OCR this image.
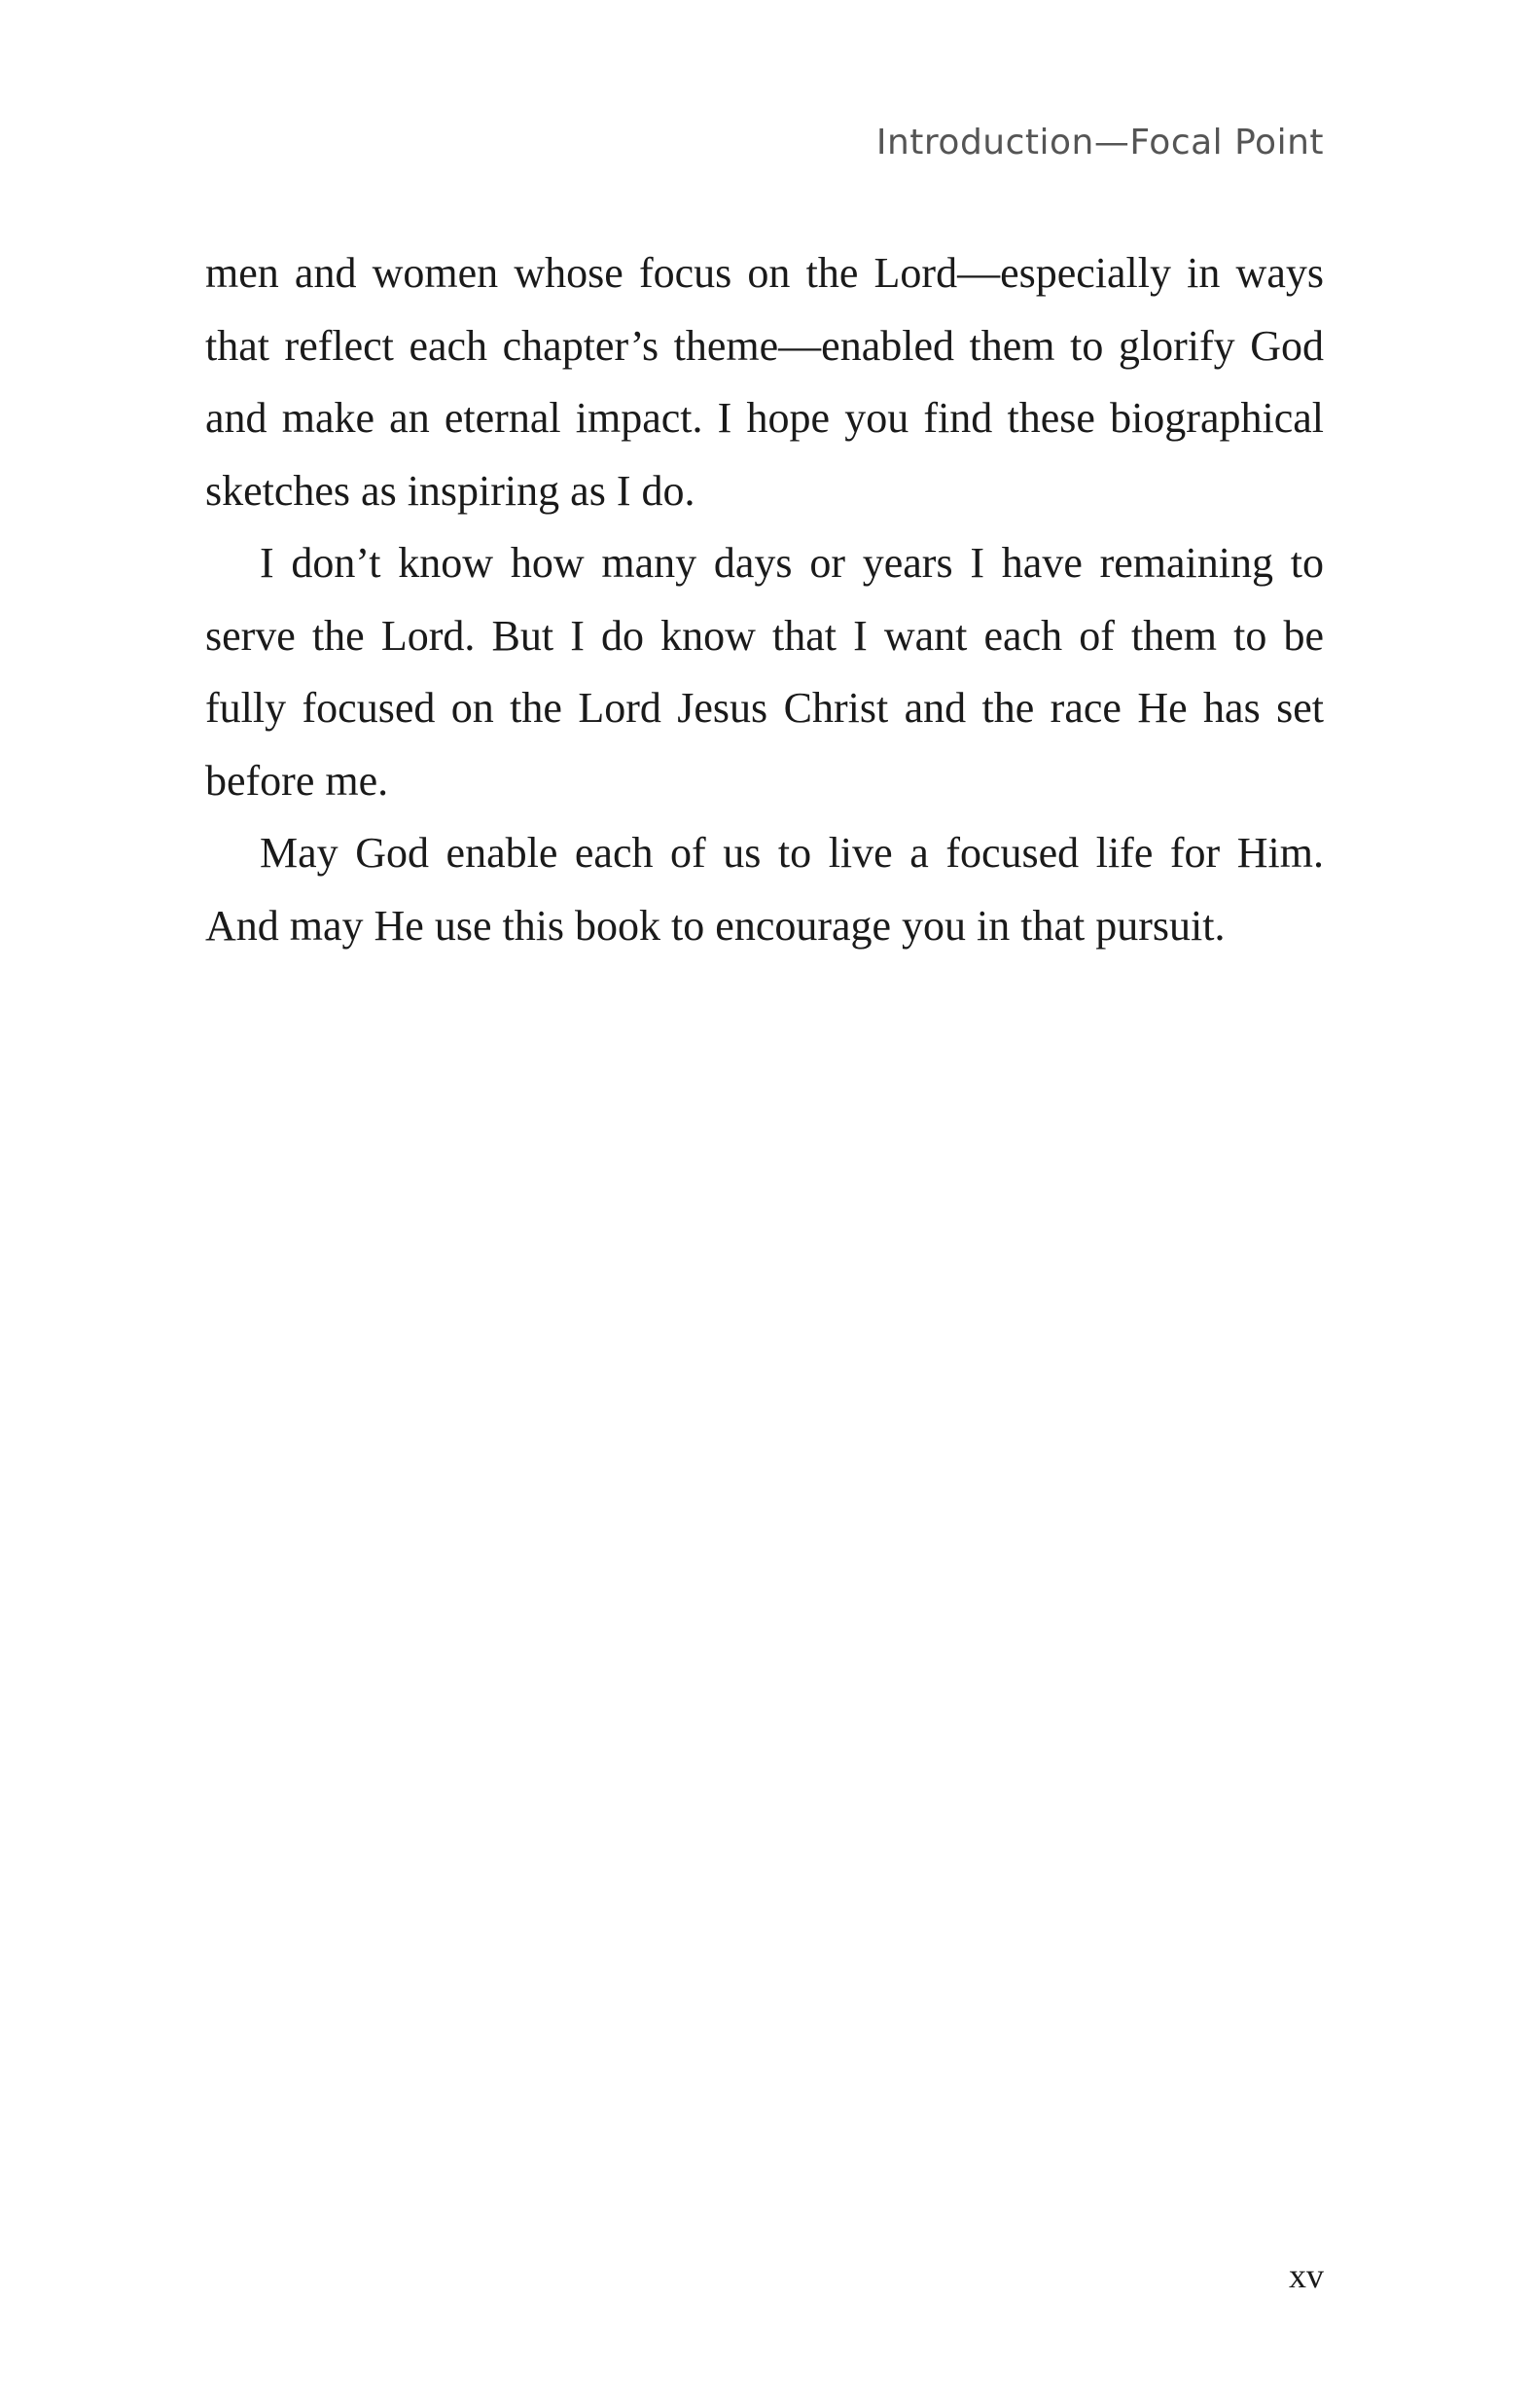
Introduction—Focal Point

men and women whose focus on the Lord—especially in ways that reflect each chapter’s theme—enabled them to glorify God and make an eternal impact. I hope you find these biographical sketches as inspiring as I do.

I don’t know how many days or years I have remaining to serve the Lord. But I do know that I want each of them to be fully focused on the Lord Jesus Christ and the race He has set before me.

May God enable each of us to live a focused life for Him. And may He use this book to encourage you in that pursuit.

xv
